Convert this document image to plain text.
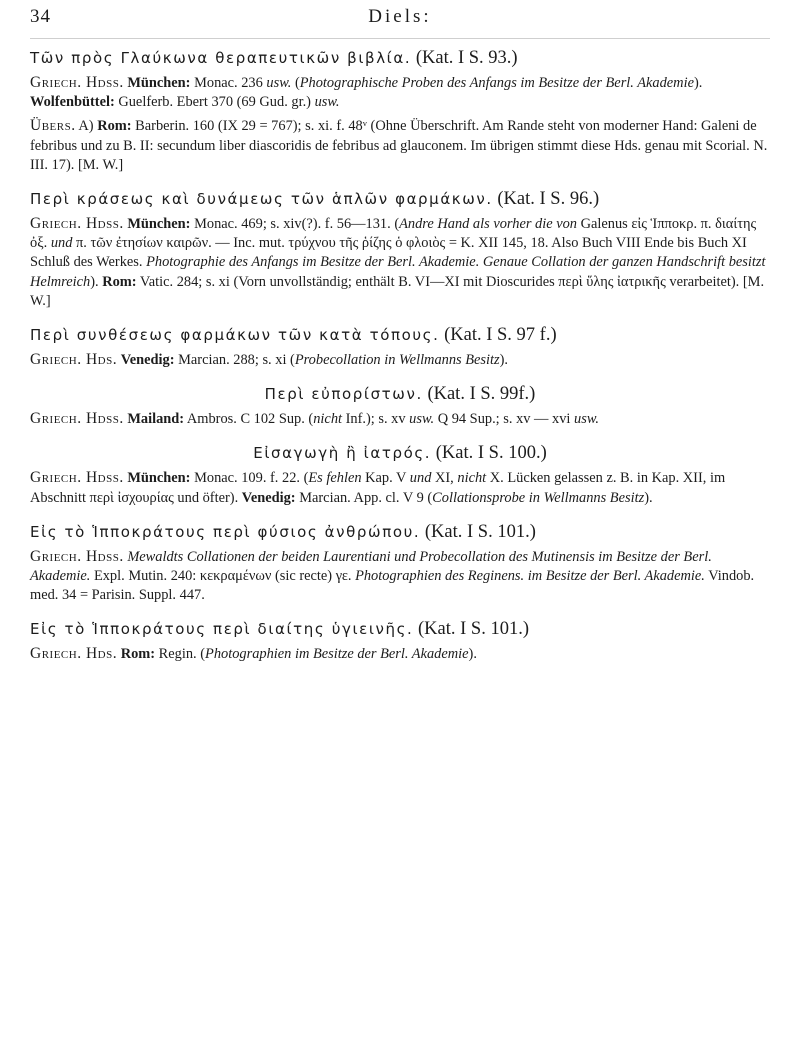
34	Diels:
Tῶν πρὸς Γλαύκωνα θεραπευτικῶν βιβλία. (Kat. I S. 93.)
Griech. Hdss. München: Monac. 236 usw. (Photographische Proben des Anfangs im Besitze der Berl. Akademie). Wolfenbüttel: Guelferb. Ebert 370 (69 Gud. gr.) usw.
Übers. A) Rom: Barberin. 160 (IX 29 = 767); s. xi. f. 48ᵛ (Ohne Überschrift. Am Rande steht von moderner Hand: Galeni de febribus und zu B. II: secundum liber diascoridis de febribus ad glauconem. Im übrigen stimmt diese Hds. genau mit Scorial. N. III. 17). [M. W.]
Περὶ κράσεως καὶ δυνάμεως τῶν ἁπλῶν φαρμάκων. (Kat. I S. 96.)
Griech. Hdss. München: Monac. 469; s. xiv(?). f. 56—131. (Andre Hand als vorher die von Galenus εἰς Ἱπποκρ. π. διαίτης ὀξ. und π. τῶν ἐτησίων καιρῶν. — Inc. mut. τρύχνου τῆς ῥίζης ὁ φλοιὸς = K. XII 145, 18. Also Buch VIII Ende bis Buch XI Schluß des Werkes. Photographie des Anfangs im Besitze der Berl. Akademie. Genaue Collation der ganzen Handschrift besitzt Helmreich). Rom: Vatic. 284; s. xi (Vorn unvollständig; enthält B. VI—XI mit Dioscurides περὶ ὕλης ἰατρικῆς verarbeitet). [M. W.]
Περὶ συνθέσεως φαρμάκων τῶν κατὰ τόπους. (Kat. I S. 97 f.)
Griech. Hds. Venedig: Marcian. 288; s. xi (Probecollation in Wellmanns Besitz).
Περὶ εὐπορίστων. (Kat. I S. 99f.)
Griech. Hdss. Mailand: Ambros. C 102 Sup. (nicht Inf.); s. xv usw. Q 94 Sup.; s. xv — xvi usw.
Εἰσαγωγὴ ἢ ἰατρός. (Kat. I S. 100.)
Griech. Hdss. München: Monac. 109. f. 22. (Es fehlen Kap. V und XI, nicht X. Lücken gelassen z. B. in Kap. XII, im Abschnitt περὶ ἰσχουρίας und öfter). Venedig: Marcian. App. cl. V 9 (Collationsprobe in Wellmanns Besitz).
Εἰς τὸ Ἱπποκράτους περὶ φύσιος ἀνθρώπου. (Kat. I S. 101.)
Griech. Hdss. Mewaldts Collationen der beiden Laurentiani und Probecollation des Mutinensis im Besitze der Berl. Akademie. Expl. Mutin. 240: κεκραμένων (sic recte) γε. Photographien des Reginens. im Besitze der Berl. Akademie. Vindob. med. 34 = Parisin. Suppl. 447.
Εἰς τὸ Ἱπποκράτους περὶ διαίτης ὑγιεινῆς. (Kat. I S. 101.)
Griech. Hds. Rom: Regin. (Photographien im Besitze der Berl. Akademie).
